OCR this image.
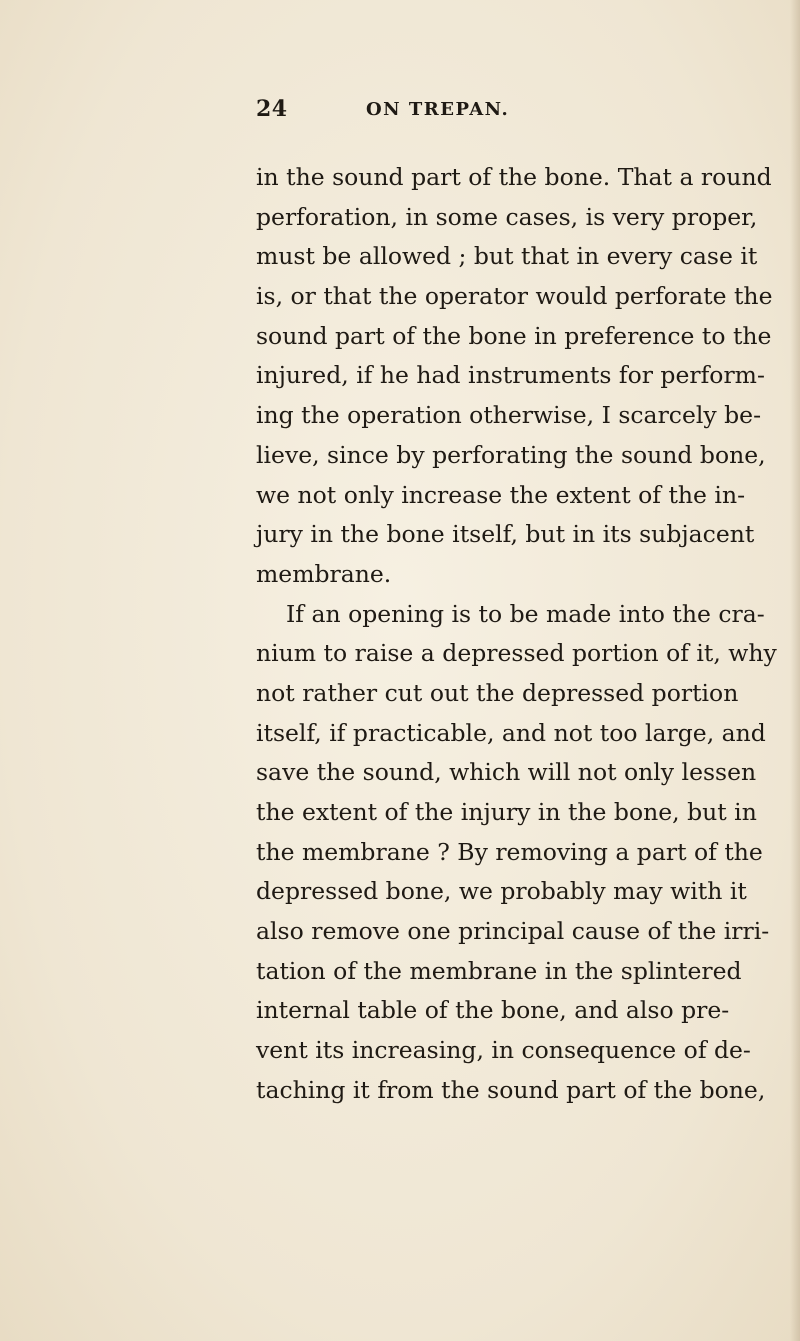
24	ON TREPAN.
in the sound part of the bone. That a round
perforation, in some cases, is very proper,
must be allowed ; but that in every case it
is, or that the operator would perforate the
sound part of the bone in preference to the
injured, if he had instruments for perform-
ing the operation otherwise, I scarcely be-
lieve, since by perforating the sound bone,
we not only increase the extent of the in-
jury in the bone itself, but in its subjacent
membrane.
If an opening is to be made into the cra-
nium to raise a depressed portion of it, why
not rather cut out the depressed portion
itself, if practicable, and not too large, and
save the sound, which will not only lessen
the extent of the injury in the bone, but in
the membrane ? By removing a part of the
depressed bone, we probably may with it
also remove one principal cause of the irri-
tation of the membrane in the splintered
internal table of the bone, and also pre-
vent its increasing, in consequence of de-
taching it from the sound part of the bone,
